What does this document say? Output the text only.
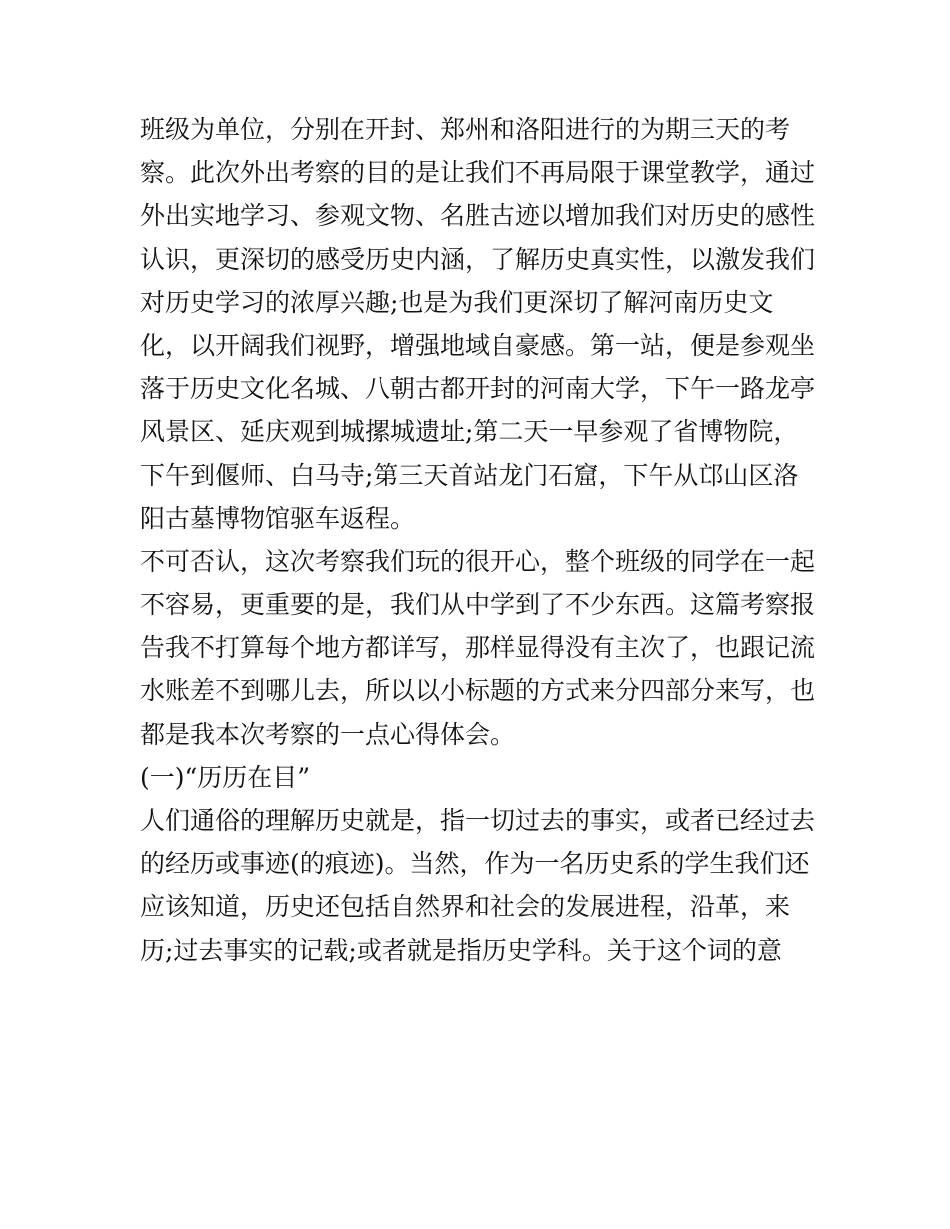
班级为单位，分别在开封、郑州和洛阳进行的为期三天的考
察。此次外出考察的目的是让我们不再局限于课堂教学，通过
外出实地学习、参观文物、名胜古迹以增加我们对历史的感性
认识，更深切的感受历史内涵，了解历史真实性，以激发我们
对历史学习的浓厚兴趣;也是为我们更深切了解河南历史文
化，以开阔我们视野，增强地域自豪感。第一站，便是参观坐
落于历史文化名城、八朝古都开封的河南大学，下午一路龙亭
风景区、延庆观到城摞城遗址;第二天一早参观了省博物院，
下午到偃师、白马寺;第三天首站龙门石窟，下午从邙山区洛
阳古墓博物馆驱车返程。
不可否认，这次考察我们玩的很开心，整个班级的同学在一起
不容易，更重要的是，我们从中学到了不少东西。这篇考察报
告我不打算每个地方都详写，那样显得没有主次了，也跟记流
水账差不到哪儿去，所以以小标题的方式来分四部分来写，也
都是我本次考察的一点心得体会。
(一)“历历在目”
人们通俗的理解历史就是，指一切过去的事实，或者已经过去
的经历或事迹(的痕迹)。当然，作为一名历史系的学生我们还
应该知道，历史还包括自然界和社会的发展进程，沿革，来
历;过去事实的记载;或者就是指历史学科。关于这个词的意
